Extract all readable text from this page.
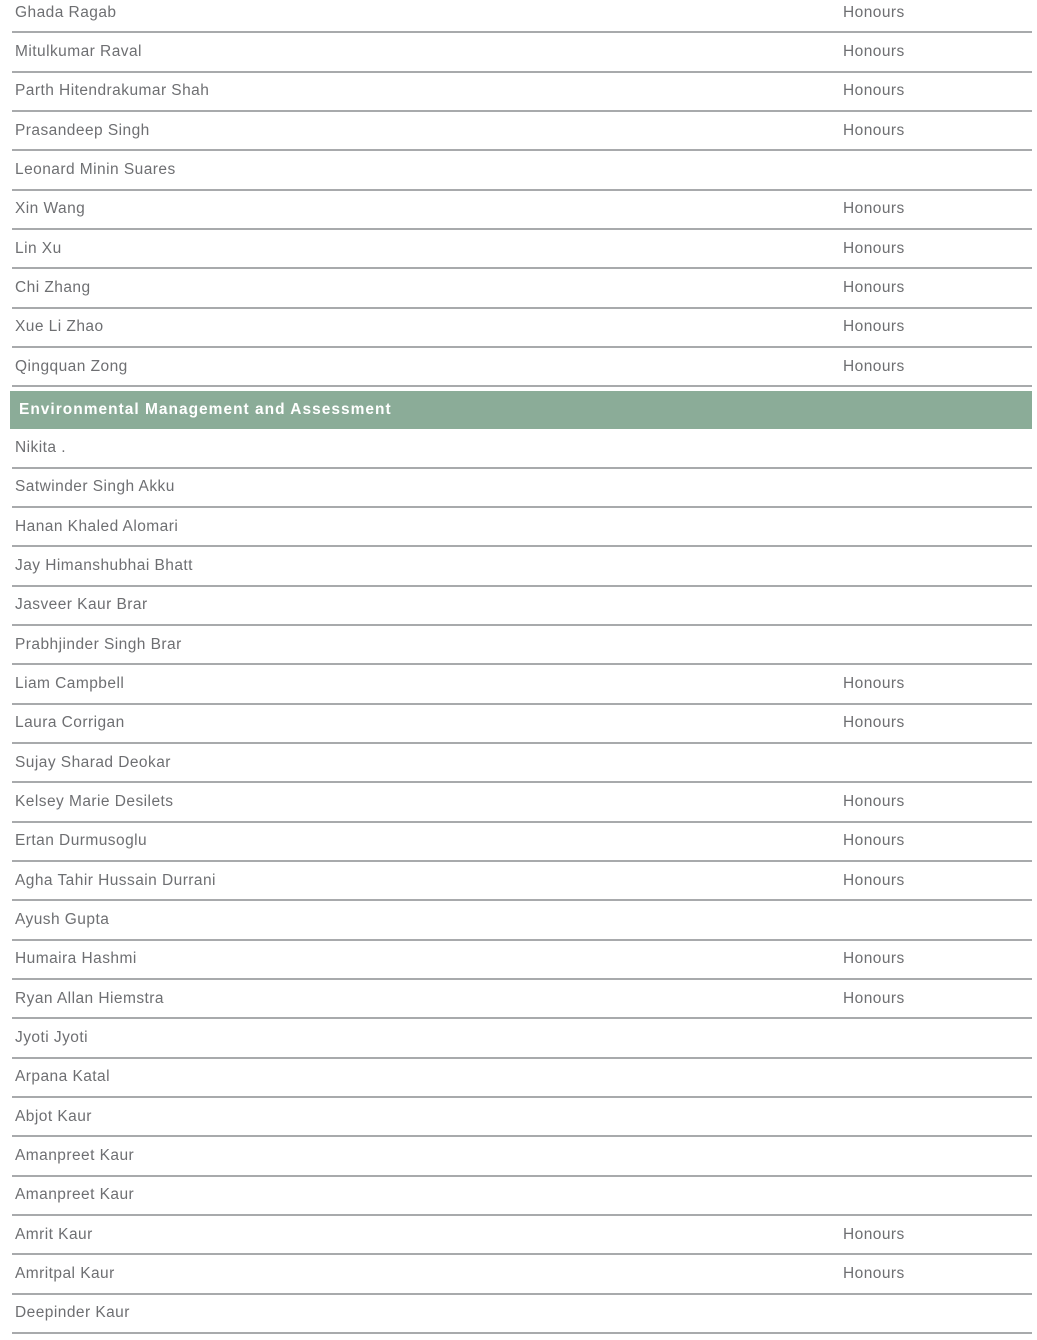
Ghada Ragab	Honours
Mitulkumar Raval	Honours
Parth Hitendrakumar Shah	Honours
Prasandeep Singh	Honours
Leonard Minin Suares
Xin Wang	Honours
Lin Xu	Honours
Chi Zhang	Honours
Xue Li Zhao	Honours
Qingquan Zong	Honours
Environmental Management and Assessment
Nikita .
Satwinder Singh Akku
Hanan Khaled Alomari
Jay Himanshubhai Bhatt
Jasveer Kaur Brar
Prabhjinder Singh Brar
Liam Campbell	Honours
Laura Corrigan	Honours
Sujay Sharad Deokar
Kelsey Marie Desilets	Honours
Ertan Durmusoglu	Honours
Agha Tahir Hussain Durrani	Honours
Ayush Gupta
Humaira Hashmi	Honours
Ryan Allan Hiemstra	Honours
Jyoti Jyoti
Arpana Katal
Abjot Kaur
Amanpreet Kaur
Amanpreet Kaur
Amrit Kaur	Honours
Amritpal Kaur	Honours
Deepinder Kaur
